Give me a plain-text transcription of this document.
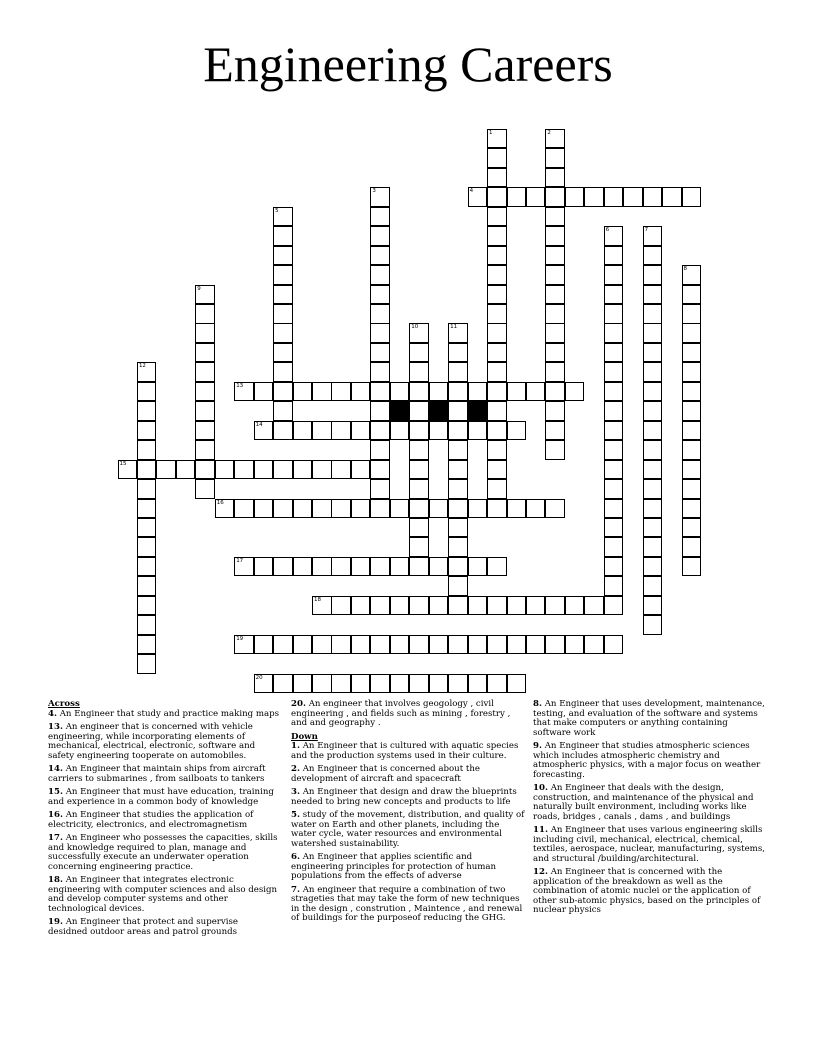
Engineering Careers
4
13
14
15
16
17
18
19
20
1	2
3
5
6	7
8
9
10	11
12
Across
4. An Engineer that study and practice making maps
13. An engineer that is concerned with vehicle engineering, while incorporating elements of mechanical, electrical, electronic, software and safety engineering tooperate on automobiles.
14. An Engineer that maintain ships from aircraft carriers to submarines , from sailboats to tankers
15. An Engineer that must have education, training and experience in a common body of knowledge
16. An Engineer that studies the application of electricity, electronics, and electromagnetism
17. An Engineer who possesses the capacities, skills and knowledge required to plan, manage and successfully execute an underwater operation concerning engineering practice.
18. An Engineer that integrates electronic engineering with computer sciences and also design and develop computer systems and other technological devices.
19. An Engineer that protect and supervise desidned outdoor areas and patrol grounds
20. An engineer that involves geogology , civil engineering , and fields such as mining , forestry , and and geography .
Down
1. An Engineer that is cultured with aquatic species and the production systems used in their culture.
2. An Engineer that is concerned about the development of aircraft and spacecraft
3. An Engineer that design and draw the blueprints needed to bring new concepts and products to life
5. study of the movement, distribution, and quality of water on Earth and other planets, including the water cycle, water resources and environmental watershed sustainability.
6. An Engineer that applies scientific and engineering principles for protection of human populations from the effects of adverse
7. An engineer that require a combination of two strageties that may take the form of new techniques in the design , constrution , Maintence , and renewal of buildings for the purposeof reducing the GHG.
8. An Engineer that uses development, maintenance, testing, and evaluation of the software and systems that make computers or anything containing software work
9. An Engineer that studies atmospheric sciences which includes atmospheric chemistry and atmospheric physics, with a major focus on weather forecasting.
10. An Engineer that deals with the design, construction, and maintenance of the physical and naturally built environment, including works like roads, bridges , canals , dams , and buildings
11. An Engineer that uses various engineering skills including civil, mechanical, electrical, chemical, textiles, aerospace, nuclear, manufacturing, systems, and structural /building/architectural.
12. An Engineer that is concerned with the application of the breakdown as well as the combination of atomic nuclei or the application of other sub-atomic physics, based on the principles of nuclear physics
